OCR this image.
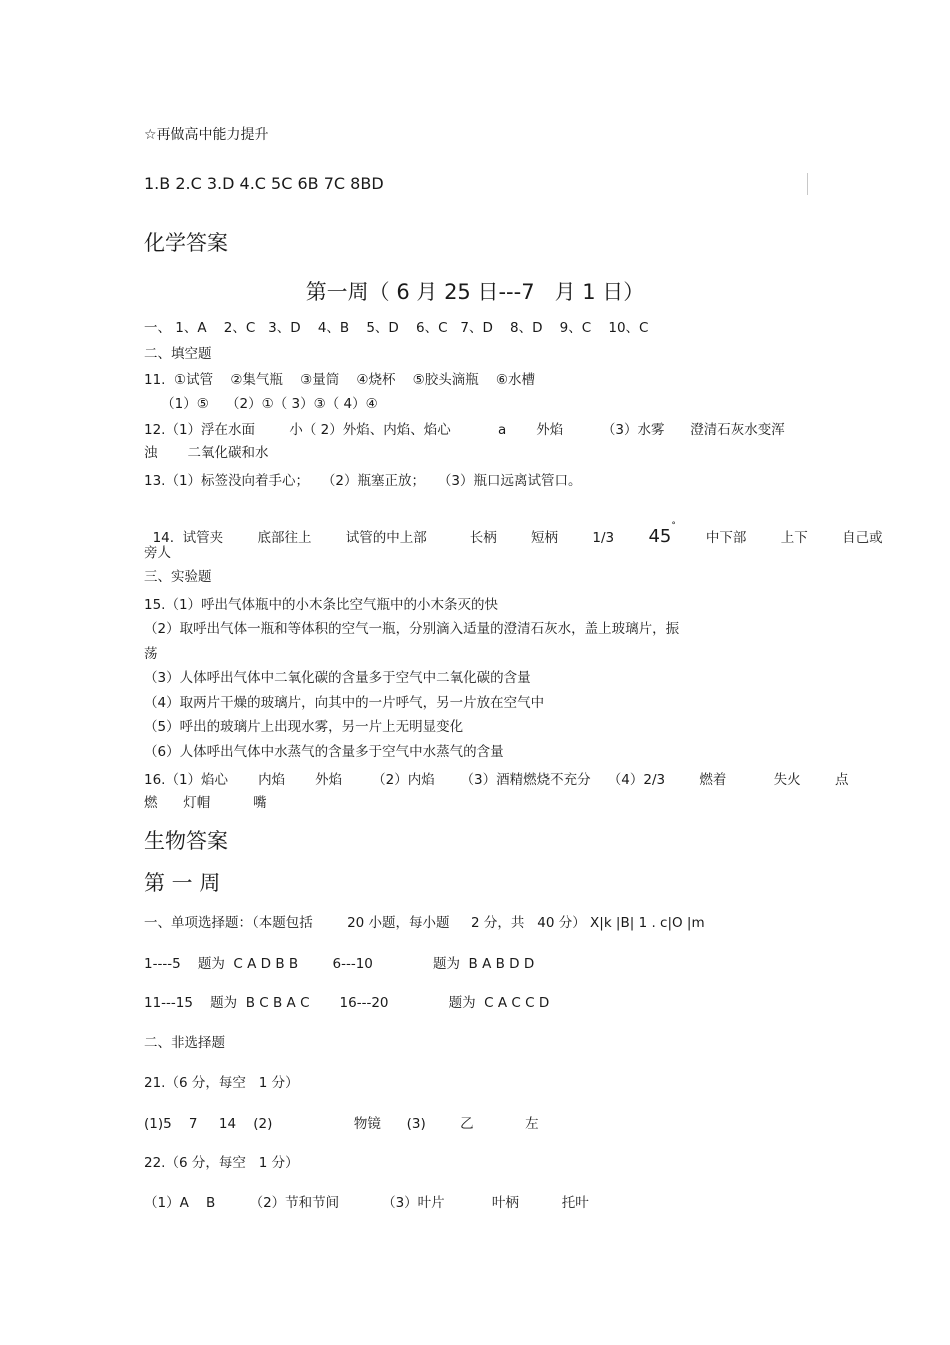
☆再做高中能力提升
1.B 2.C 3.D 4.C 5C 6B 7C 8BD
化学答案
第一周（ 6 月 25 日---7   月 1 日）
一、 1、A    2、C   3、D    4、B    5、D    6、C   7、D    8、D    9、C    10、C
二、填空题
11.  ①试管    ②集气瓶    ③量筒    ④烧杯    ⑤胶头滴瓶    ⑥水槽
（1）⑤    （2）①（ 3）③（ 4）④
12.（1）浮在水面        小（ 2）外焰、内焰、焰心           a       外焰         （3）水雾      澄清石灰水变浑
浊       二氧化碳和水
13.（1）标签没向着手心；   （2）瓶塞正放；   （3）瓶口远离试管口。

14.  试管夹        底部往上        试管的中上部          长柄        短柄        1/3 45°       中下部        上下        自己或

旁人
三、实验题
15.（1）呼出气体瓶中的小木条比空气瓶中的小木条灭的快
（2）取呼出气体一瓶和等体积的空气一瓶，分别滴入适量的澄清石灰水，盖上玻璃片，振
荡
（3）人体呼出气体中二氧化碳的含量多于空气中二氧化碳的含量
（4）取两片干燥的玻璃片，向其中的一片呼气，另一片放在空气中
（5）呼出的玻璃片上出现水雾，另一片上无明显变化
（6）人体呼出气体中水蒸气的含量多于空气中水蒸气的含量
16.（1）焰心       内焰       外焰       （2）内焰      （3）酒精燃烧不充分    （4）2/3        燃着           失火        点
燃      灯帽          嘴
生物答案
第 一 周
一、单项选择题：（本题包括        20 小题，每小题     2 分，共   40 分） X|k |B| 1 . c|O |m
1----5    题为  C A D B B        6---10              题为  B A B D D
11---15    题为  B C B A C       16---20              题为  C A C C D
二、非选择题
21.（6 分，每空   1 分）
(1)5    7     14    (2)                   物镜      (3)        乙            左
22.（6 分，每空   1 分）
（1）A    B        （2）节和节间          （3）叶片           叶柄          托叶
